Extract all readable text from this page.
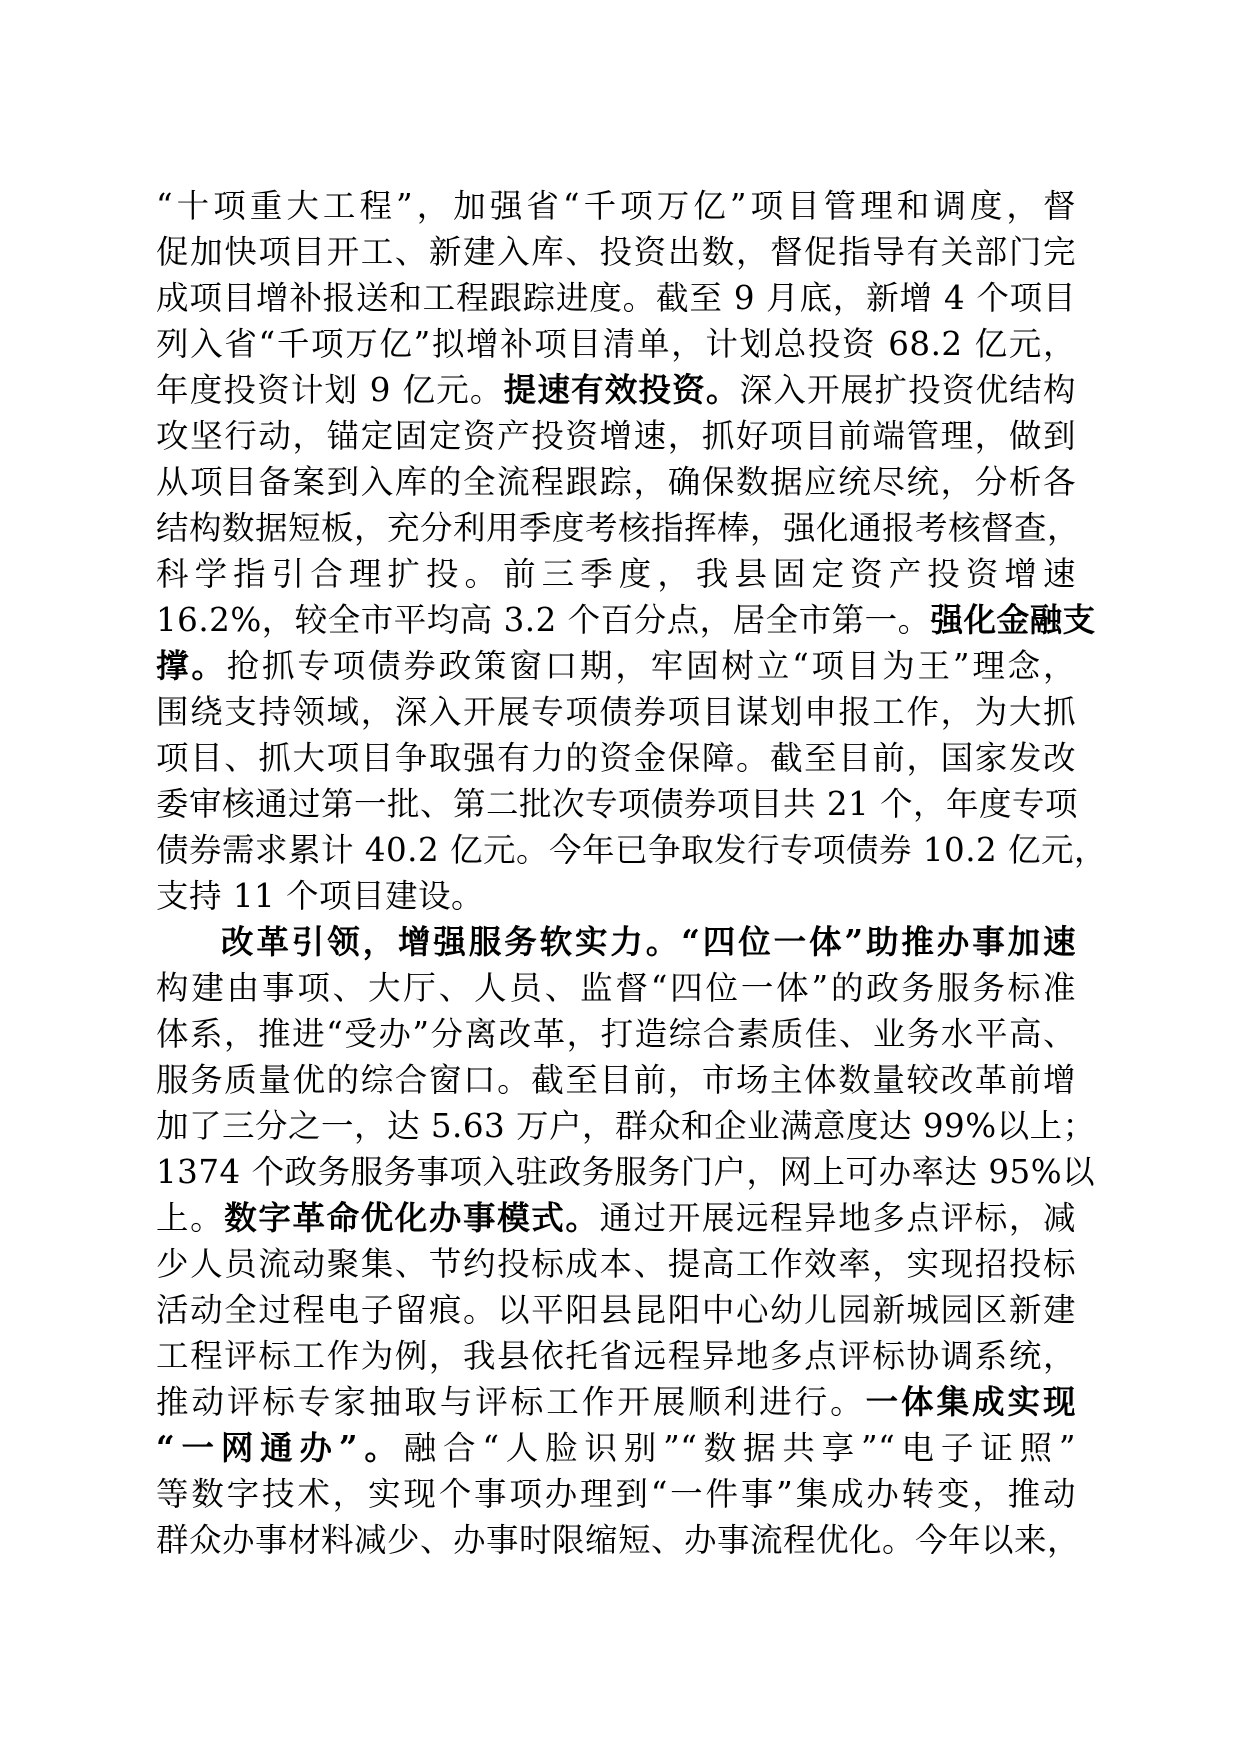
“十项重大工程”，加强省“千项万亿”项目管理和调度，督
促加快项目开工、新建入库、投资出数，督促指导有关部门完
成项目增补报送和工程跟踪进度。截至 9 月底，新增 4 个项目
列入省“千项万亿”拟增补项目清单，计划总投资 68.2 亿元，
年度投资计划 9 亿元。提速有效投资。深入开展扩投资优结构
攻坚行动，锚定固定资产投资增速，抓好项目前端管理，做到
从项目备案到入库的全流程跟踪，确保数据应统尽统，分析各
结构数据短板，充分利用季度考核指挥棒，强化通报考核督查，
科学指引合理扩投。前三季度，我县固定资产投资增速
16.2%，较全市平均高 3.2 个百分点，居全市第一。强化金融支
撑。抢抓专项债券政策窗口期，牢固树立“项目为王”理念，
围绕支持领域，深入开展专项债券项目谋划申报工作，为大抓
项目、抓大项目争取强有力的资金保障。截至目前，国家发改
委审核通过第一批、第二批次专项债券项目共 21 个，年度专项
债券需求累计 40.2 亿元。今年已争取发行专项债券 10.2 亿元，
支持 11 个项目建设。
改革引领，增强服务软实力。“四位一体”助推办事加速
构建由事项、大厅、人员、监督“四位一体”的政务服务标准
体系，推进“受办”分离改革，打造综合素质佳、业务水平高、
服务质量优的综合窗口。截至目前，市场主体数量较改革前增
加了三分之一，达 5.63 万户，群众和企业满意度达 99%以上；
1374 个政务服务事项入驻政务服务门户，网上可办率达 95%以
上。数字革命优化办事模式。通过开展远程异地多点评标，减
少人员流动聚集、节约投标成本、提高工作效率，实现招投标
活动全过程电子留痕。以平阳县昆阳中心幼儿园新城园区新建
工程评标工作为例，我县依托省远程异地多点评标协调系统，
推动评标专家抽取与评标工作开展顺利进行。一体集成实现
“一网通办”。融合“人脸识别”“数据共享”“电子证照”
等数字技术，实现个事项办理到“一件事”集成办转变，推动
群众办事材料减少、办事时限缩短、办事流程优化。今年以来，
